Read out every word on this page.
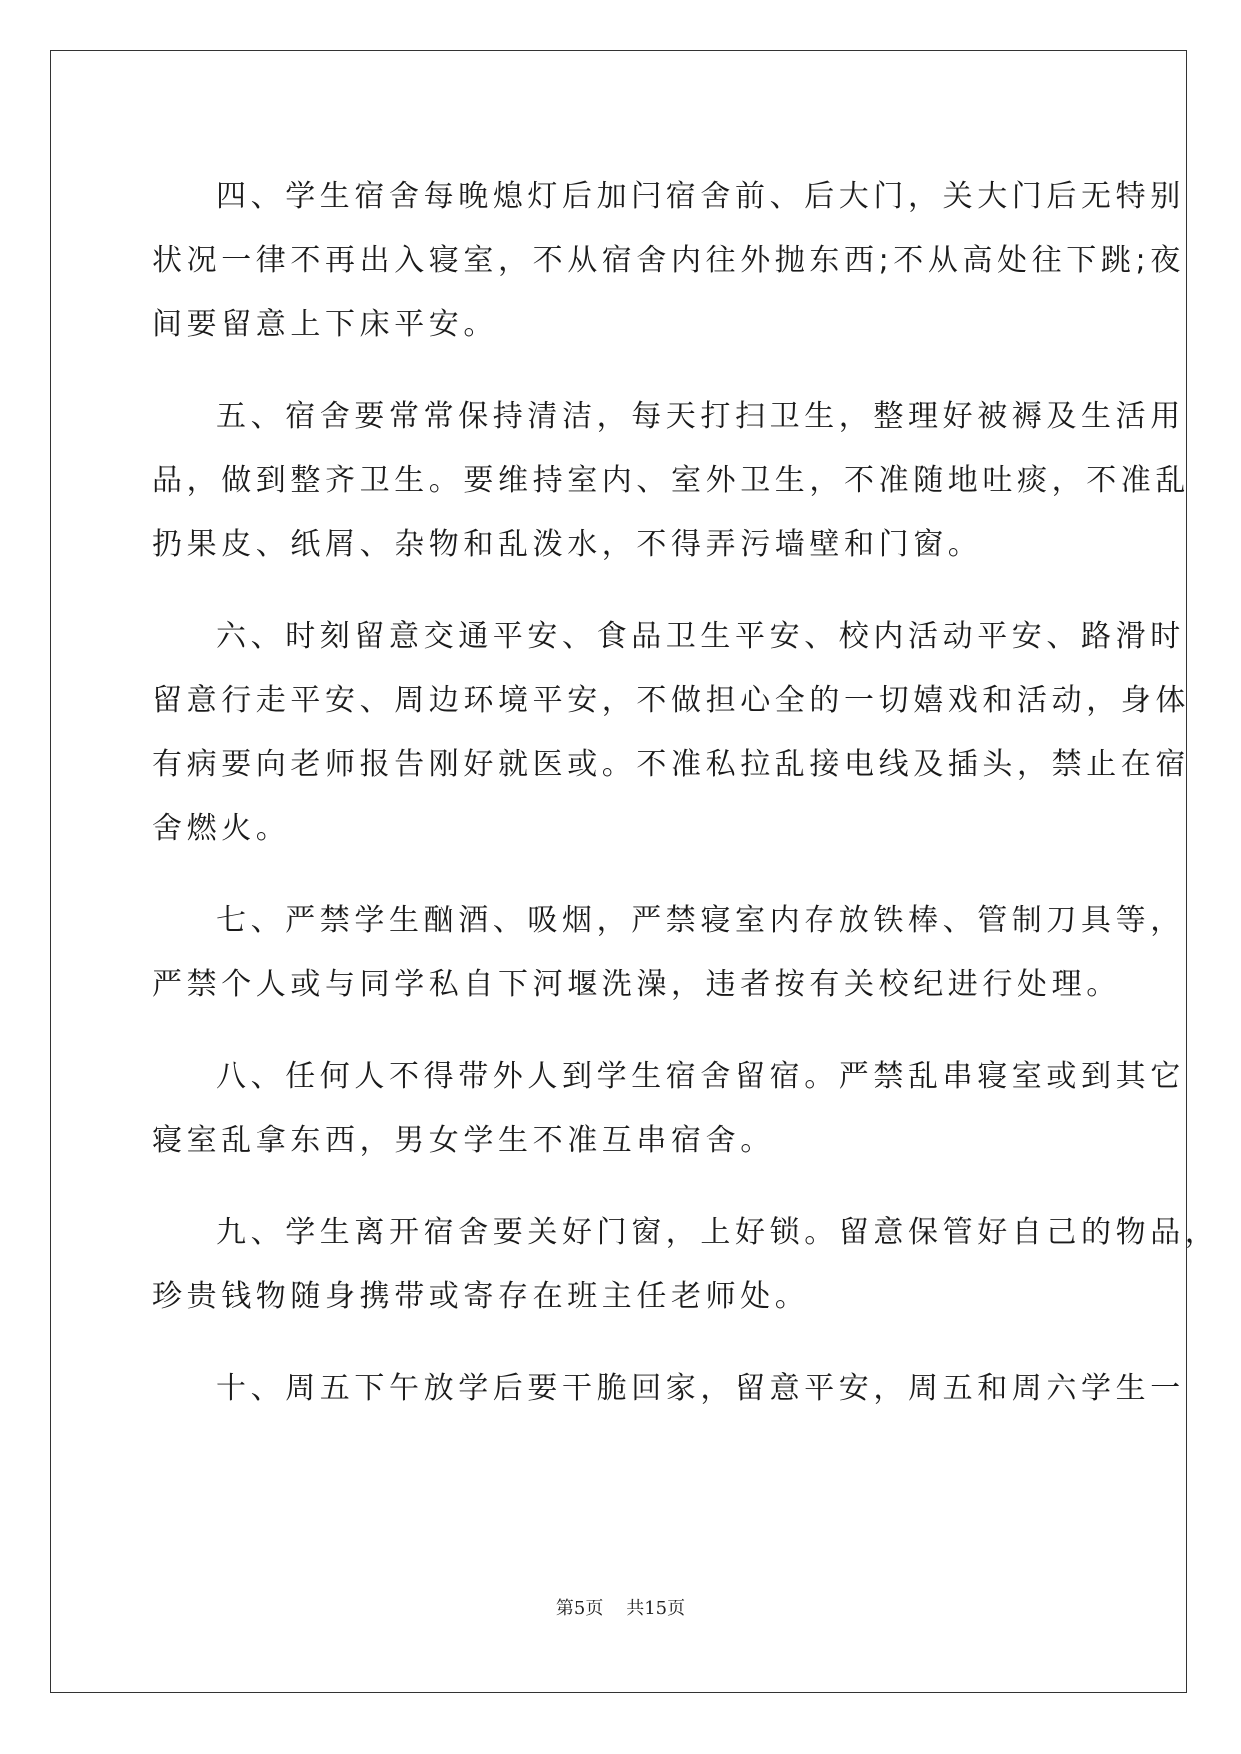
四、学生宿舍每晚熄灯后加闩宿舍前、后大门，关大门后无特别
状况一律不再出入寝室，不从宿舍内往外抛东西;不从高处往下跳;夜
间要留意上下床平安。
五、宿舍要常常保持清洁，每天打扫卫生，整理好被褥及生活用
品，做到整齐卫生。要维持室内、室外卫生，不准随地吐痰，不准乱
扔果皮、纸屑、杂物和乱泼水，不得弄污墙壁和门窗。
六、时刻留意交通平安、食品卫生平安、校内活动平安、路滑时
留意行走平安、周边环境平安，不做担心全的一切嬉戏和活动，身体
有病要向老师报告刚好就医或。不准私拉乱接电线及插头，禁止在宿
舍燃火。
七、严禁学生酗酒、吸烟，严禁寝室内存放铁棒、管制刀具等，
严禁个人或与同学私自下河堰洗澡，违者按有关校纪进行处理。
八、任何人不得带外人到学生宿舍留宿。严禁乱串寝室或到其它
寝室乱拿东西，男女学生不准互串宿舍。
九、学生离开宿舍要关好门窗，上好锁。留意保管好自己的物品，
珍贵钱物随身携带或寄存在班主任老师处。
十、周五下午放学后要干脆回家，留意平安，周五和周六学生一
第5页 共15页
